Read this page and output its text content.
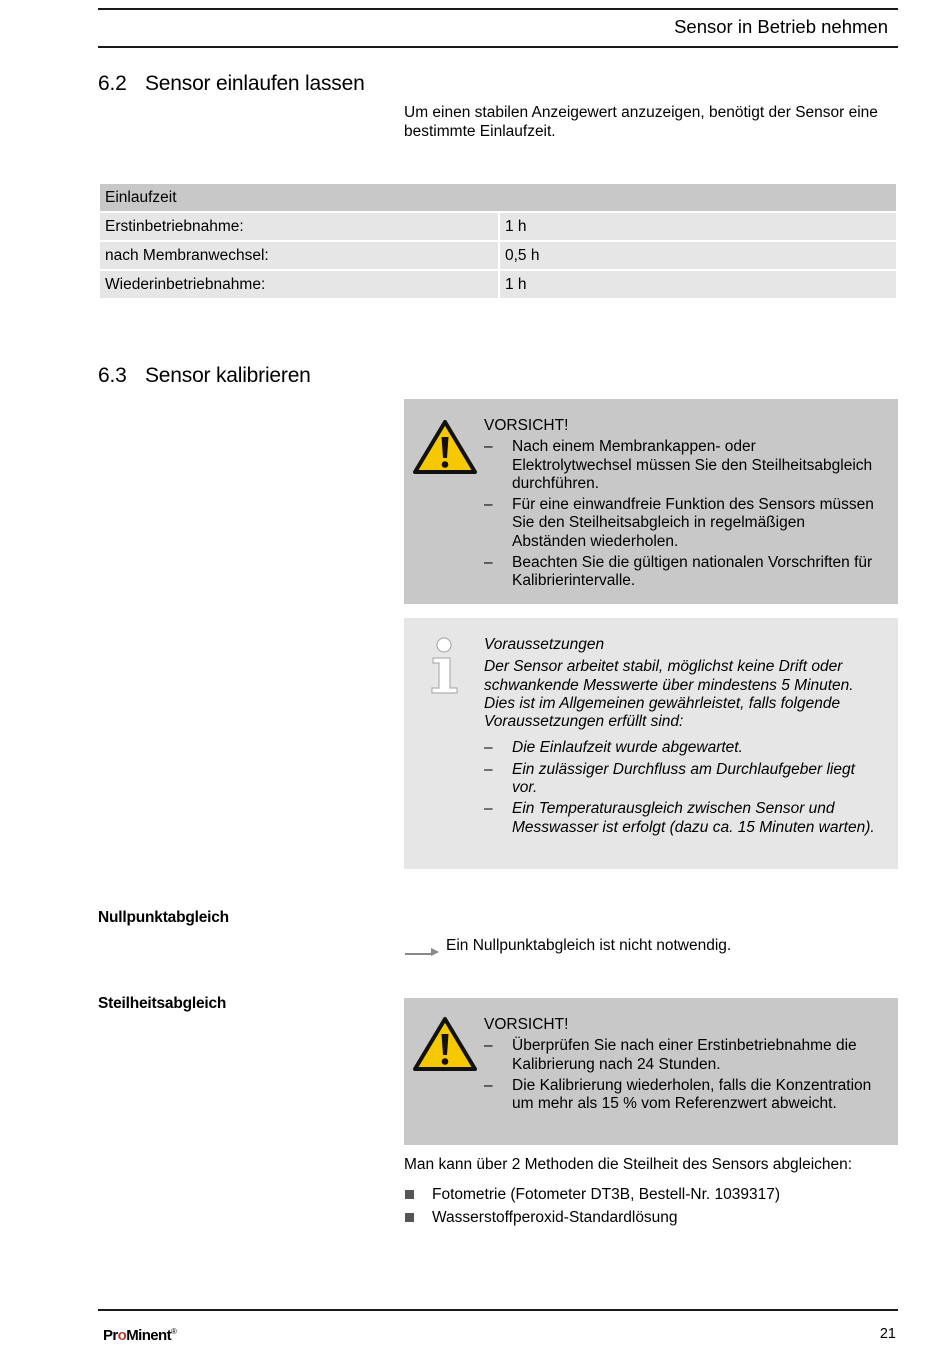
Sensor in Betrieb nehmen
6.2 Sensor einlaufen lassen
Um einen stabilen Anzeigewert anzuzeigen, benötigt der Sensor eine bestimmte Einlaufzeit.
Einlaufzeit	
Erstinbetriebnahme:	1 h
nach Membranwechsel:	0,5 h
Wiederinbetriebnahme:	1 h
6.3 Sensor kalibrieren
VORSICHT!
– Nach einem Membrankappen- oder Elektrolytwechsel müssen Sie den Steilheitsabgleich durchführen.
– Für eine einwandfreie Funktion des Sensors müssen Sie den Steilheitsabgleich in regelmäßigen Abständen wiederholen.
– Beachten Sie die gültigen nationalen Vorschriften für Kalibrierintervalle.
Voraussetzungen
Der Sensor arbeitet stabil, möglichst keine Drift oder schwankende Messwerte über mindestens 5 Minuten. Dies ist im Allgemeinen gewährleistet, falls folgende Voraussetzungen erfüllt sind:
– Die Einlaufzeit wurde abgewartet.
– Ein zulässiger Durchfluss am Durchlaufgeber liegt vor.
– Ein Temperaturausgleich zwischen Sensor und Messwasser ist erfolgt (dazu ca. 15 Minuten warten).
Nullpunktabgleich
Ein Nullpunktabgleich ist nicht notwendig.
Steilheitsabgleich
VORSICHT!
– Überprüfen Sie nach einer Erstinbetriebnahme die Kalibrierung nach 24 Stunden.
– Die Kalibrierung wiederholen, falls die Konzentration um mehr als 15 % vom Referenzwert abweicht.
Man kann über 2 Methoden die Steilheit des Sensors abgleichen:
Fotometrie (Fotometer DT3B, Bestell-Nr. 1039317)
Wasserstoffperoxid-Standardlösung
ProMinent®	21
